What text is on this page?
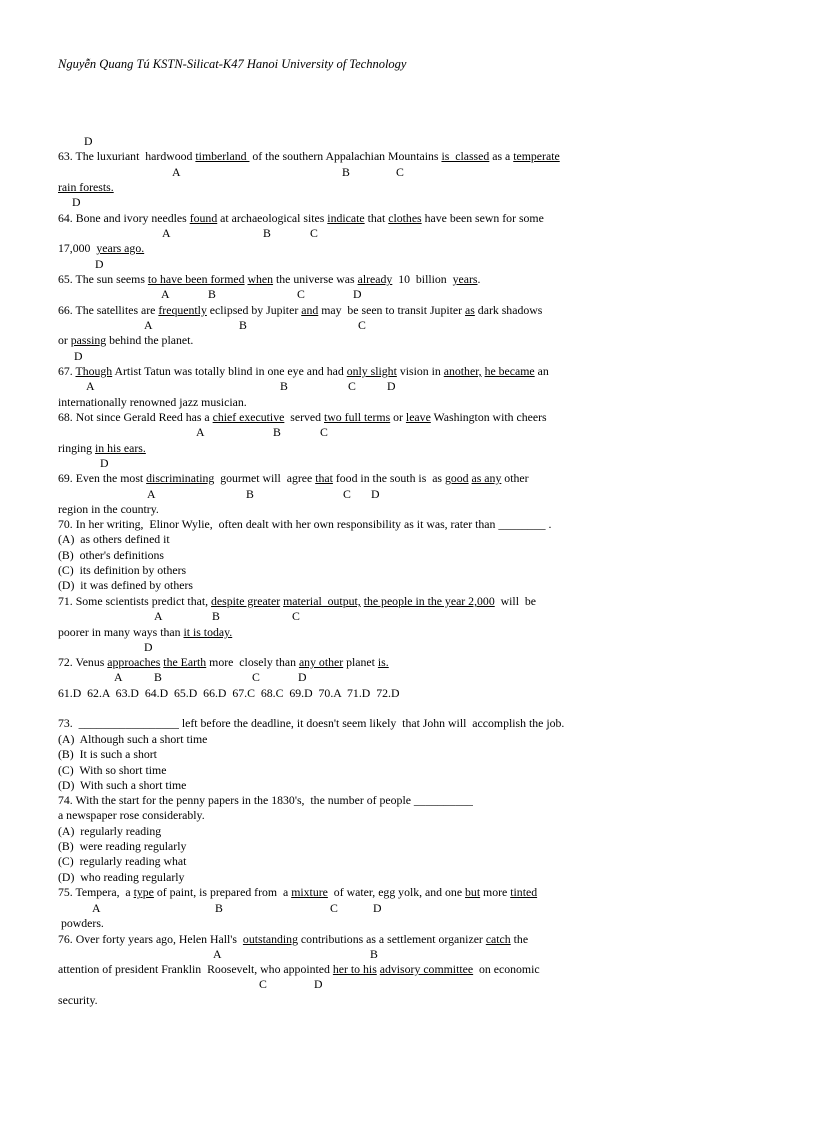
Nguyễn Quang Tú KSTN-Silicat-K47 Hanoi University of Technology
D
63. The luxuriant  hardwood timberland  of the southern Appalachian Mountains is  classed as a temperate
A	B	C
rain forests.
D
64. Bone and ivory needles found at archaeological sites indicate that clothes have been sewn for some
A	B	C
17,000  years ago.
D
65. The sun seems to have been formed when the universe was already  10  billion  years.
A	B	C	D
66. The satellites are frequently eclipsed by Jupiter and may  be seen to transit Jupiter as dark shadows
A	B	C
or passing behind the planet.
D
67. Though Artist Tatun was totally blind in one eye and had only slight vision in another, he became an
A	B	C	D
internationally renowned jazz musician.
68. Not since Gerald Reed has a chief executive  served two full terms or leave Washington with cheers
A	B	C
ringing in his ears.
D
69. Even the most discriminating  gourmet will  agree that food in the south is  as good as any other
A	B	C D
region in the country.
70. In her writing,  Elinor Wylie,  often dealt with her own responsibility as it was, rater than ________ .
(A)  as others defined it
(B)  other's definitions
(C)  its definition by others
(D)  it was defined by others
71. Some scientists predict that, despite greater material  output, the people in the year 2,000  will  be
A	B	C
poorer in many ways than it is today.
D
72. Venus approaches the Earth more  closely than any other planet is.
A	B	C	D
61.D  62.A  63.D  64.D  65.D  66.D  67.C  68.C  69.D  70.A  71.D  72.D
73.  _________________ left before the deadline, it doesn't seem likely  that John will  accomplish the job.
(A)  Although such a short time
(B)  It is such a short
(C)  With so short time
(D)  With such a short time
74. With the start for the penny papers in the 1830's,  the number of people __________
a newspaper rose considerably.
(A)  regularly reading
(B)  were reading regularly
(C)  regularly reading what
(D)  who reading regularly
75. Tempera,  a type of paint, is prepared from  a mixture  of water, egg yolk, and one but more tinted
A	B	C	D
powders.
76. Over forty years ago, Helen Hall's  outstanding contributions as a settlement organizer catch the
A	B
attention of president Franklin  Roosevelt, who appointed her to his advisory committee  on economic
C	D
security.
